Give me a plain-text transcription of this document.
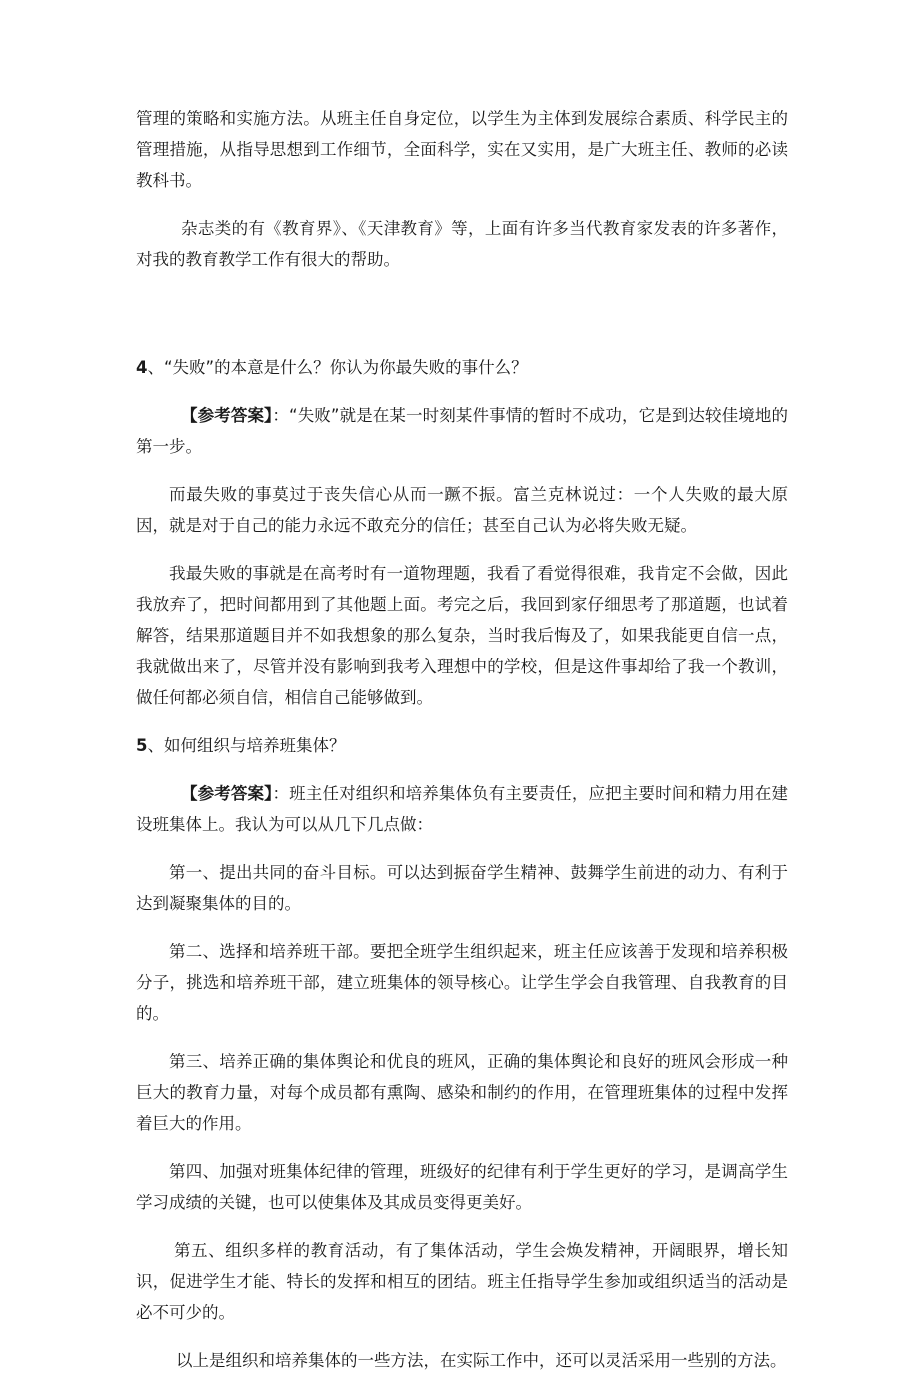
管理的策略和实施方法。从班主任自身定位，以学生为主体到发展综合素质、科学民主的管理措施，从指导思想到工作细节，全面科学，实在又实用，是广大班主任、教师的必读教科书。

杂志类的有《教育界》、《天津教育》等，上面有许多当代教育家发表的许多著作，对我的教育教学工作有很大的帮助。

4、“失败”的本意是什么？你认为你最失败的事什么？

【参考答案】：“失败”就是在某一时刻某件事情的暂时不成功，它是到达较佳境地的第一步。

而最失败的事莫过于丧失信心从而一蹶不振。富兰克林说过：一个人失败的最大原因，就是对于自己的能力永远不敢充分的信任；甚至自己认为必将失败无疑。

我最失败的事就是在高考时有一道物理题，我看了看觉得很难，我肯定不会做，因此我放弃了，把时间都用到了其他题上面。考完之后，我回到家仔细思考了那道题，也试着解答，结果那道题目并不如我想象的那么复杂，当时我后悔及了，如果我能更自信一点，我就做出来了，尽管并没有影响到我考入理想中的学校，但是这件事却给了我一个教训，做任何都必须自信，相信自己能够做到。

5、如何组织与培养班集体？

【参考答案】：班主任对组织和培养集体负有主要责任，应把主要时间和精力用在建设班集体上。我认为可以从几下几点做：

第一、提出共同的奋斗目标。可以达到振奋学生精神、鼓舞学生前进的动力、有利于达到凝聚集体的目的。

第二、选择和培养班干部。要把全班学生组织起来，班主任应该善于发现和培养积极分子，挑选和培养班干部，建立班集体的领导核心。让学生学会自我管理、自我教育的目的。

第三、培养正确的集体舆论和优良的班风，正确的集体舆论和良好的班风会形成一种巨大的教育力量，对每个成员都有熏陶、感染和制约的作用，在管理班集体的过程中发挥着巨大的作用。

第四、加强对班集体纪律的管理，班级好的纪律有利于学生更好的学习，是调高学生学习成绩的关键，也可以使集体及其成员变得更美好。

第五、组织多样的教育活动，有了集体活动，学生会焕发精神，开阔眼界，增长知识，促进学生才能、特长的发挥和相互的团结。班主任指导学生参加或组织适当的活动是必不可少的。

以上是组织和培养集体的一些方法，在实际工作中，还可以灵活采用一些别的方法。
